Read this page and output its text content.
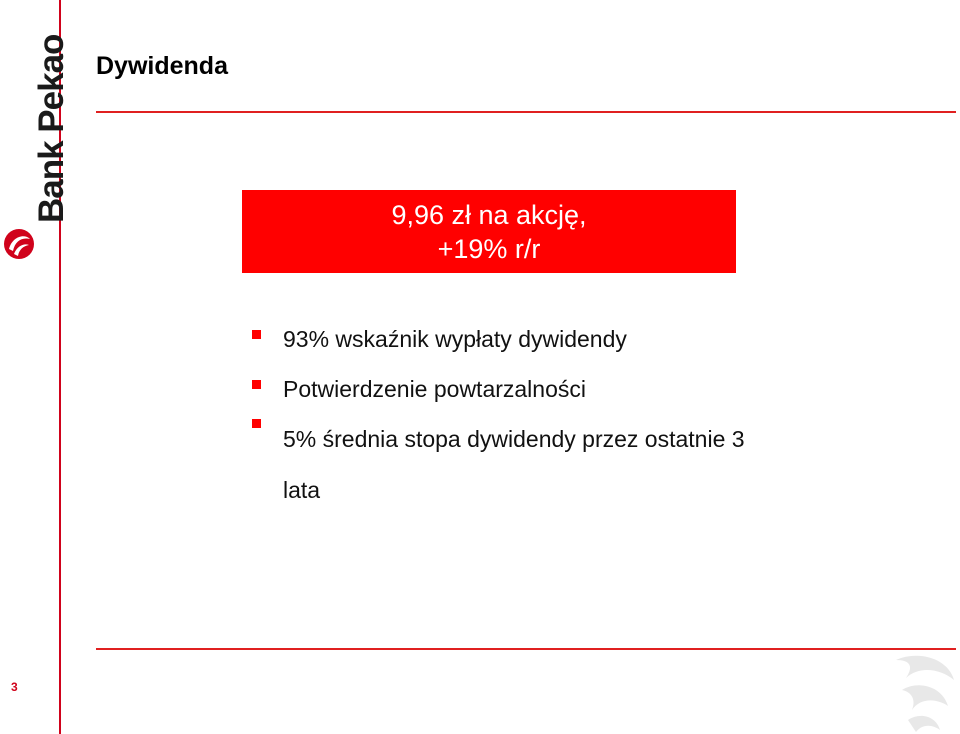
Bank Pekao Dywidenda
9,96 zł na akcję,
+19% r/r
93% wskaźnik wypłaty dywidendy
Potwierdzenie powtarzalności
5% średnia stopa dywidendy przez ostatnie 3 lata
3
